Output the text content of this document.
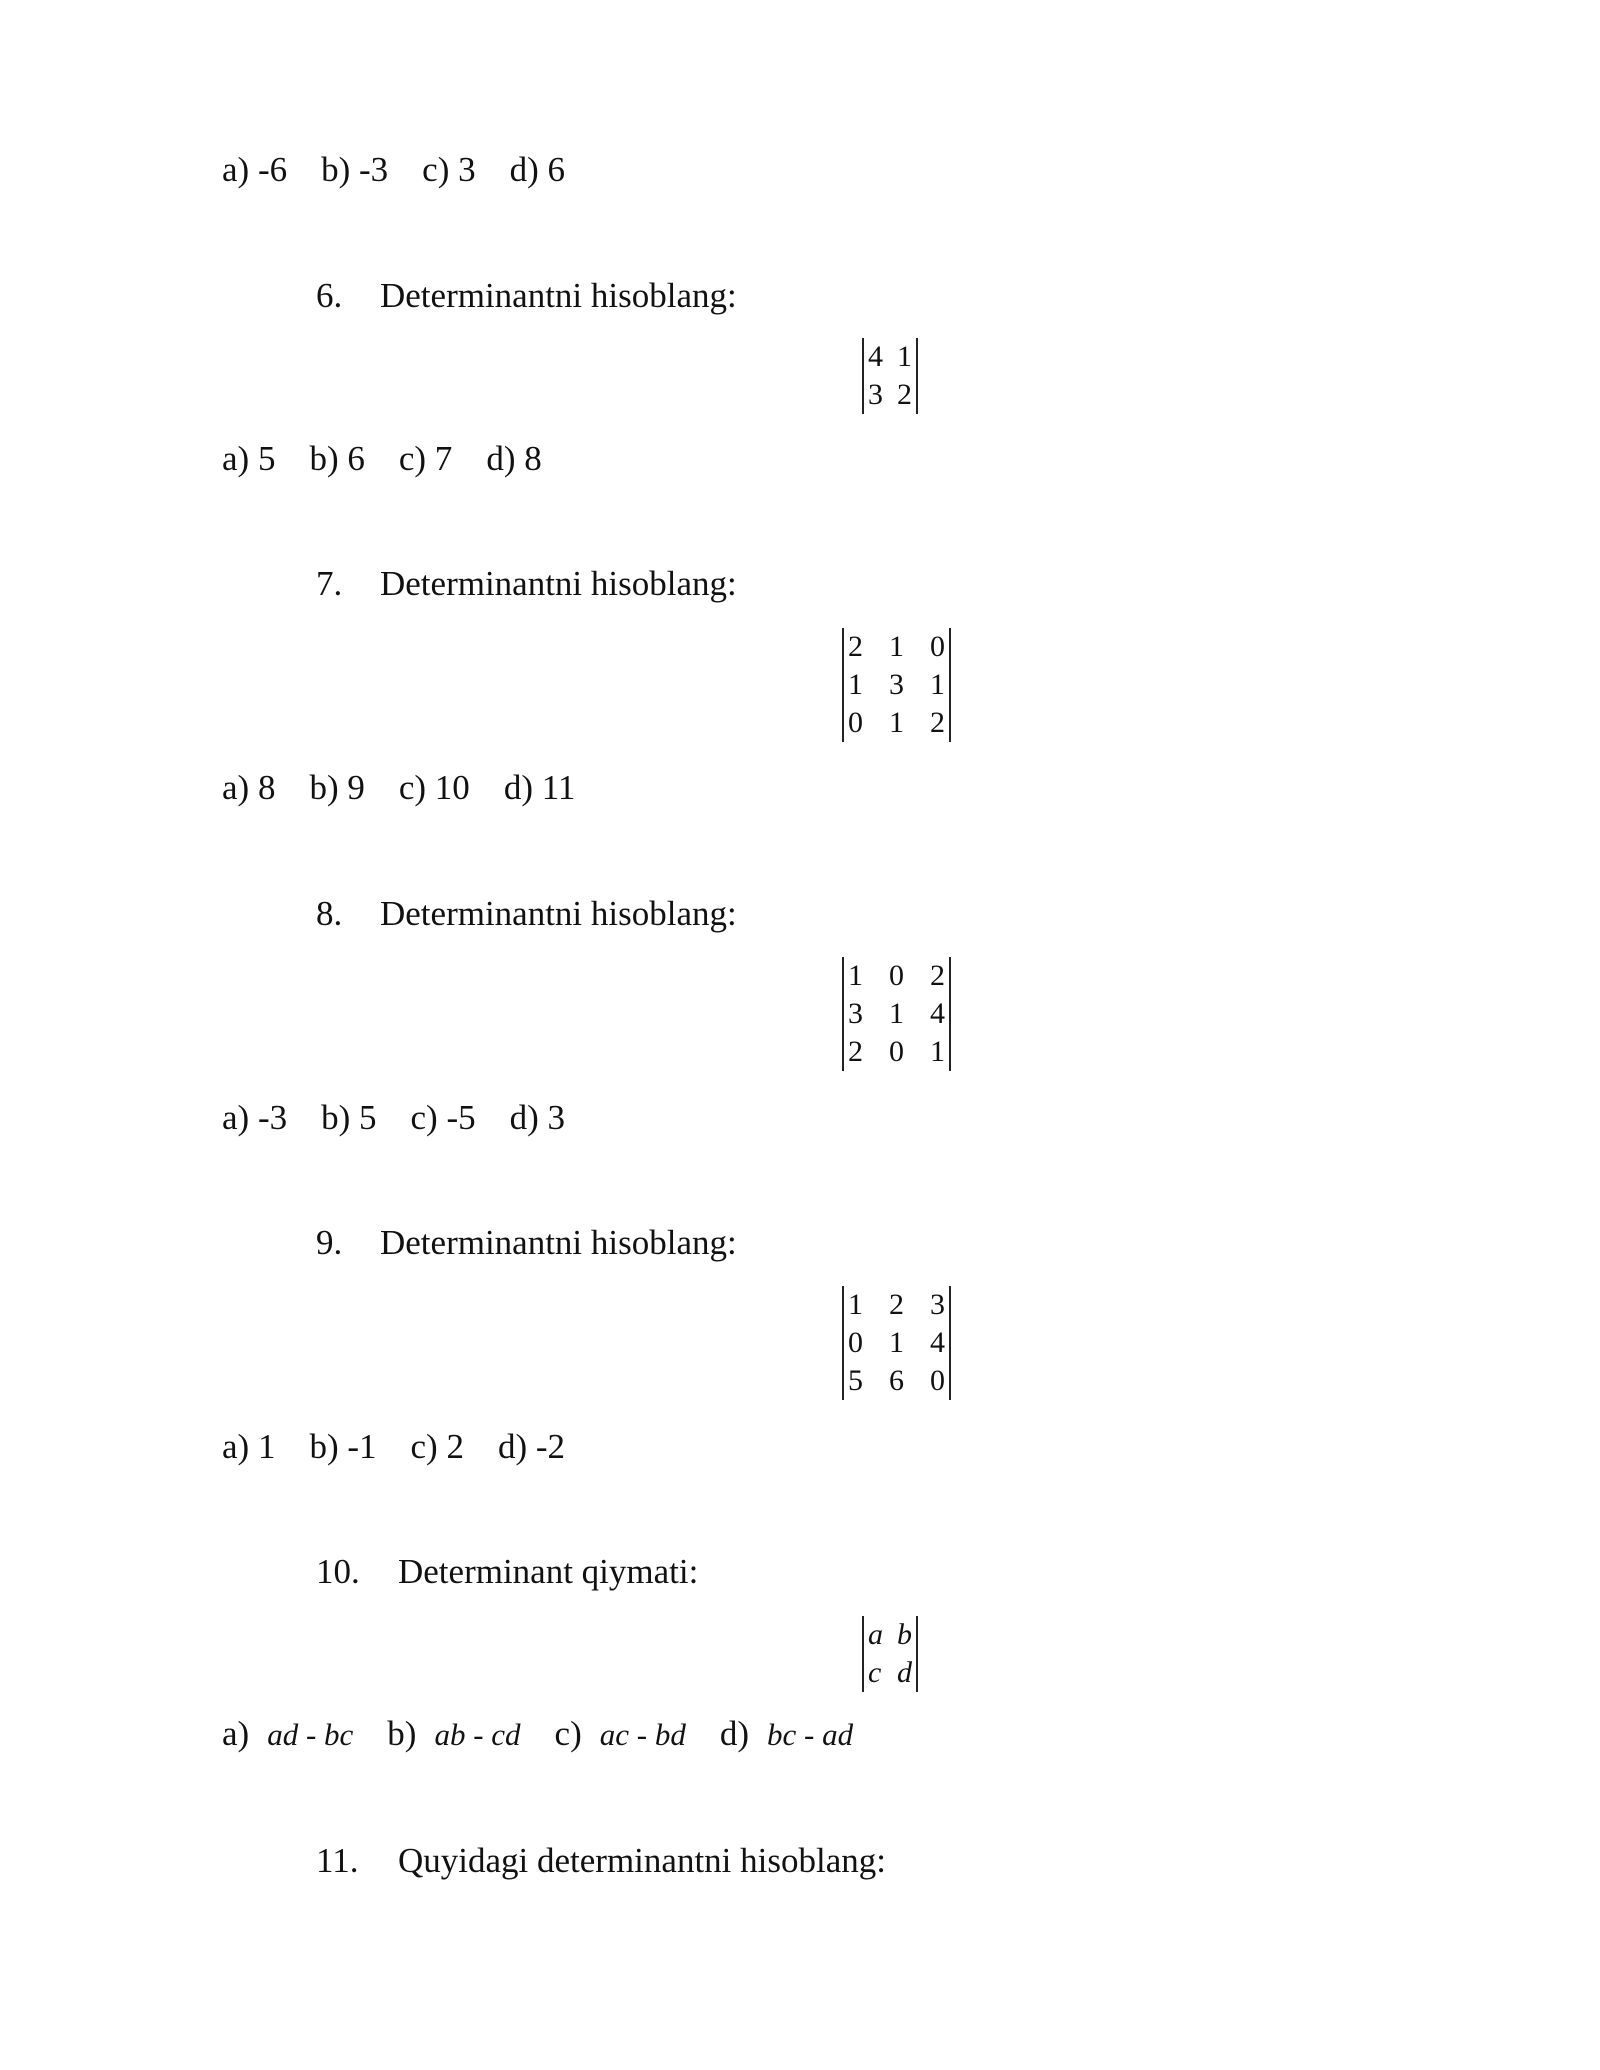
a) -6 b) -3 c) 3 d) 6
6. Determinantni hisoblang:
4	1
3	2
a) 5 b) 6 c) 7 d) 8
7. Determinantni hisoblang:
2	1	0
1	3	1
0	1	2
a) 8 b) 9 c) 10 d) 11
8. Determinantni hisoblang:
1	0	2
3	1	4
2	0	1
a) -3 b) 5 c) -5 d) 3
9. Determinantni hisoblang:
1	2	3
0	1	4
5	6	0
a) 1 b) -1 c) 2 d) -2
10. Determinant qiymati:
a	b
c	d
a) ad - bc b) ab - cd c) ac - bd d) bc - ad
11. Quyidagi determinantni hisoblang:
